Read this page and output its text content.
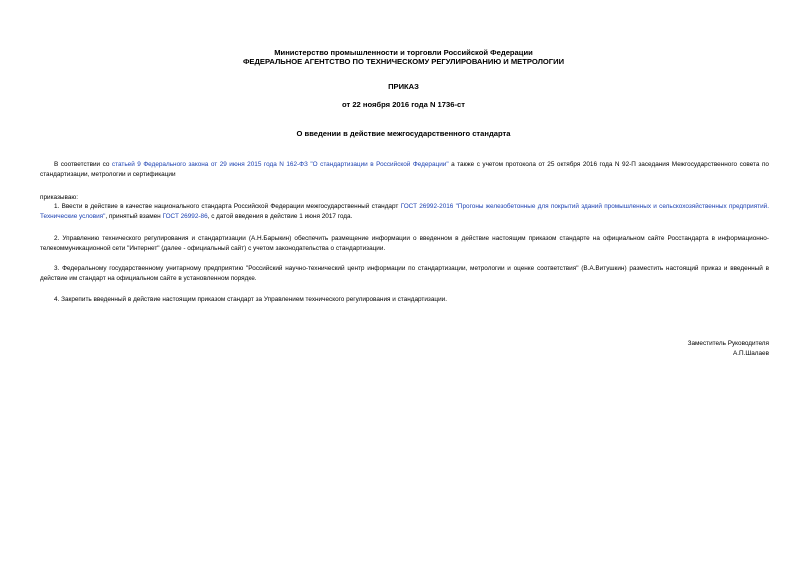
Министерство промышленности и торговли Российской Федерации
ФЕДЕРАЛЬНОЕ АГЕНТСТВО ПО ТЕХНИЧЕСКОМУ РЕГУЛИРОВАНИЮ И МЕТРОЛОГИИ
ПРИКАЗ
от 22 ноября 2016 года N 1736-ст
О введении в действие межгосударственного стандарта
В соответствии со статьей 9 Федерального закона от 29 июня 2015 года N 162-ФЗ "О стандартизации в Российской Федерации" а также с учетом протокола от 25 октября 2016 года N 92-П заседания Межгосударственного совета по стандартизации, метрологии и сертификации
приказываю:
1. Ввести в действие в качестве национального стандарта Российской Федерации межгосударственный стандарт ГОСТ 26992-2016 "Прогоны железобетонные для покрытий зданий промышленных и сельскохозяйственных предприятий. Технические условия", принятый взамен ГОСТ 26992-86, с датой введения в действие 1 июня 2017 года.
2. Управлению технического регулирования и стандартизации (А.Н.Барыкин) обеспечить размещение информации о введенном в действие настоящим приказом стандарте на официальном сайте Росстандарта в информационно-телекоммуникационной сети "Интернет" (далее - официальный сайт) с учетом законодательства о стандартизации.
3. Федеральному государственному унитарному предприятию "Российский научно-технический центр информации по стандартизации, метрологии и оценке соответствия" (В.А.Витушкин) разместить настоящий приказ и введенный в действие им стандарт на официальном сайте в установленном порядке.
4. Закрепить введенный в действие настоящим приказом стандарт за Управлением технического регулирования и стандартизации.
Заместитель Руководителя
А.П.Шалаев
